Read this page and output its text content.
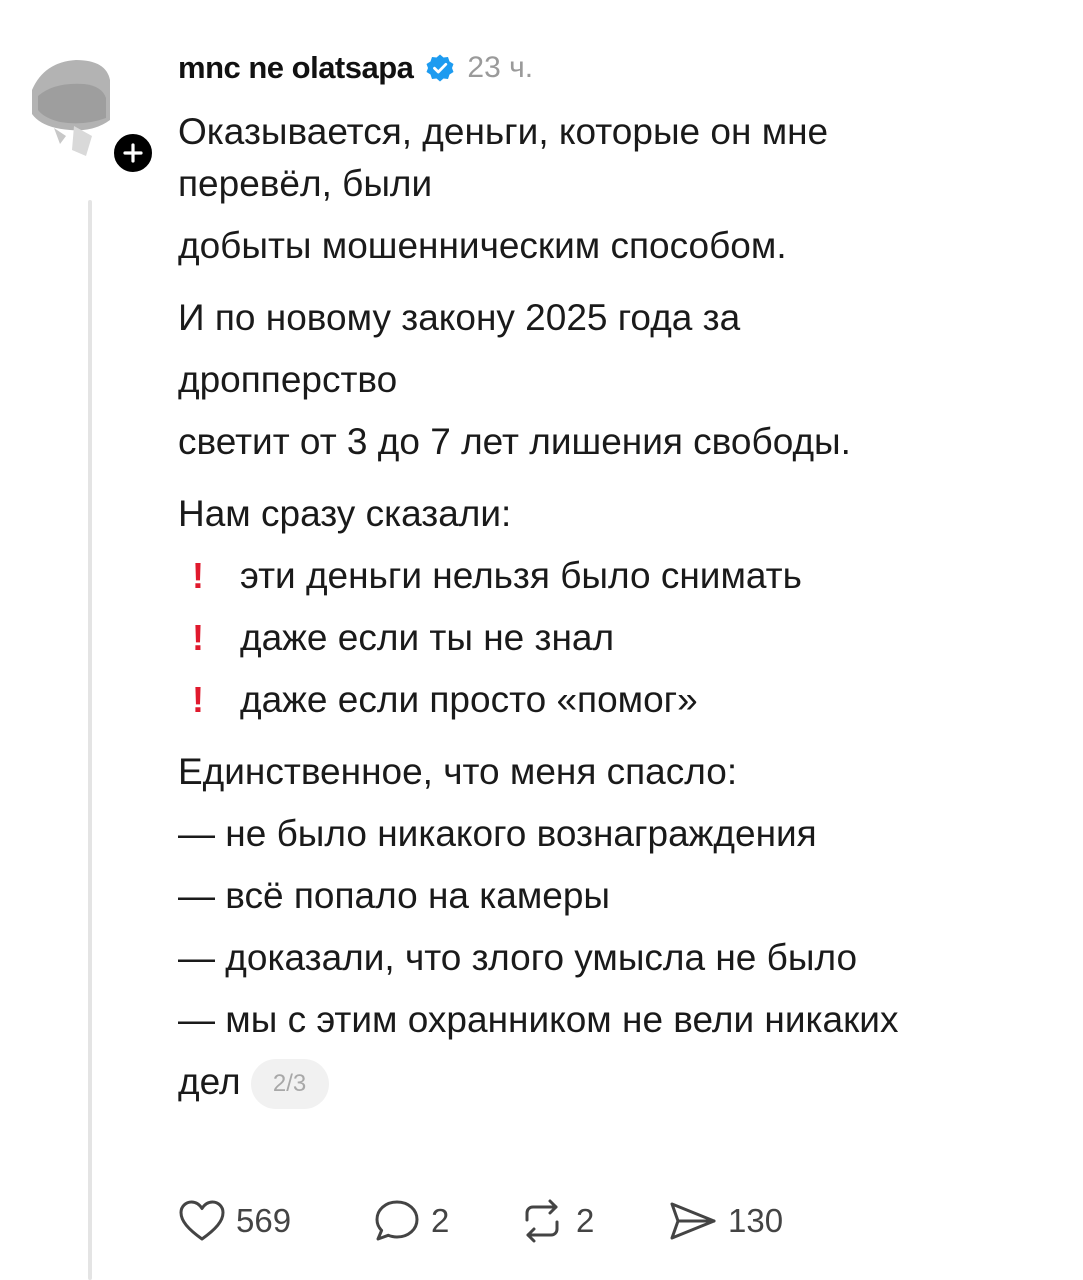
mnc ne olatsapa 23 ч.
Оказывается, деньги, которые он мне
перевёл, были
добыты мошенническим способом.
И по новому закону 2025 года за
дропперство
светит от 3 до 7 лет лишения свободы.
Нам сразу сказали:
! эти деньги нельзя было снимать
! даже если ты не знал
! даже если просто «помог»
Единственное, что меня спасло:
— не было никакого вознаграждения
— всё попало на камеры
— доказали, что злого умысла не было
— мы с этим охранником не вели никаких
дел 2/3
569	2	2	130
